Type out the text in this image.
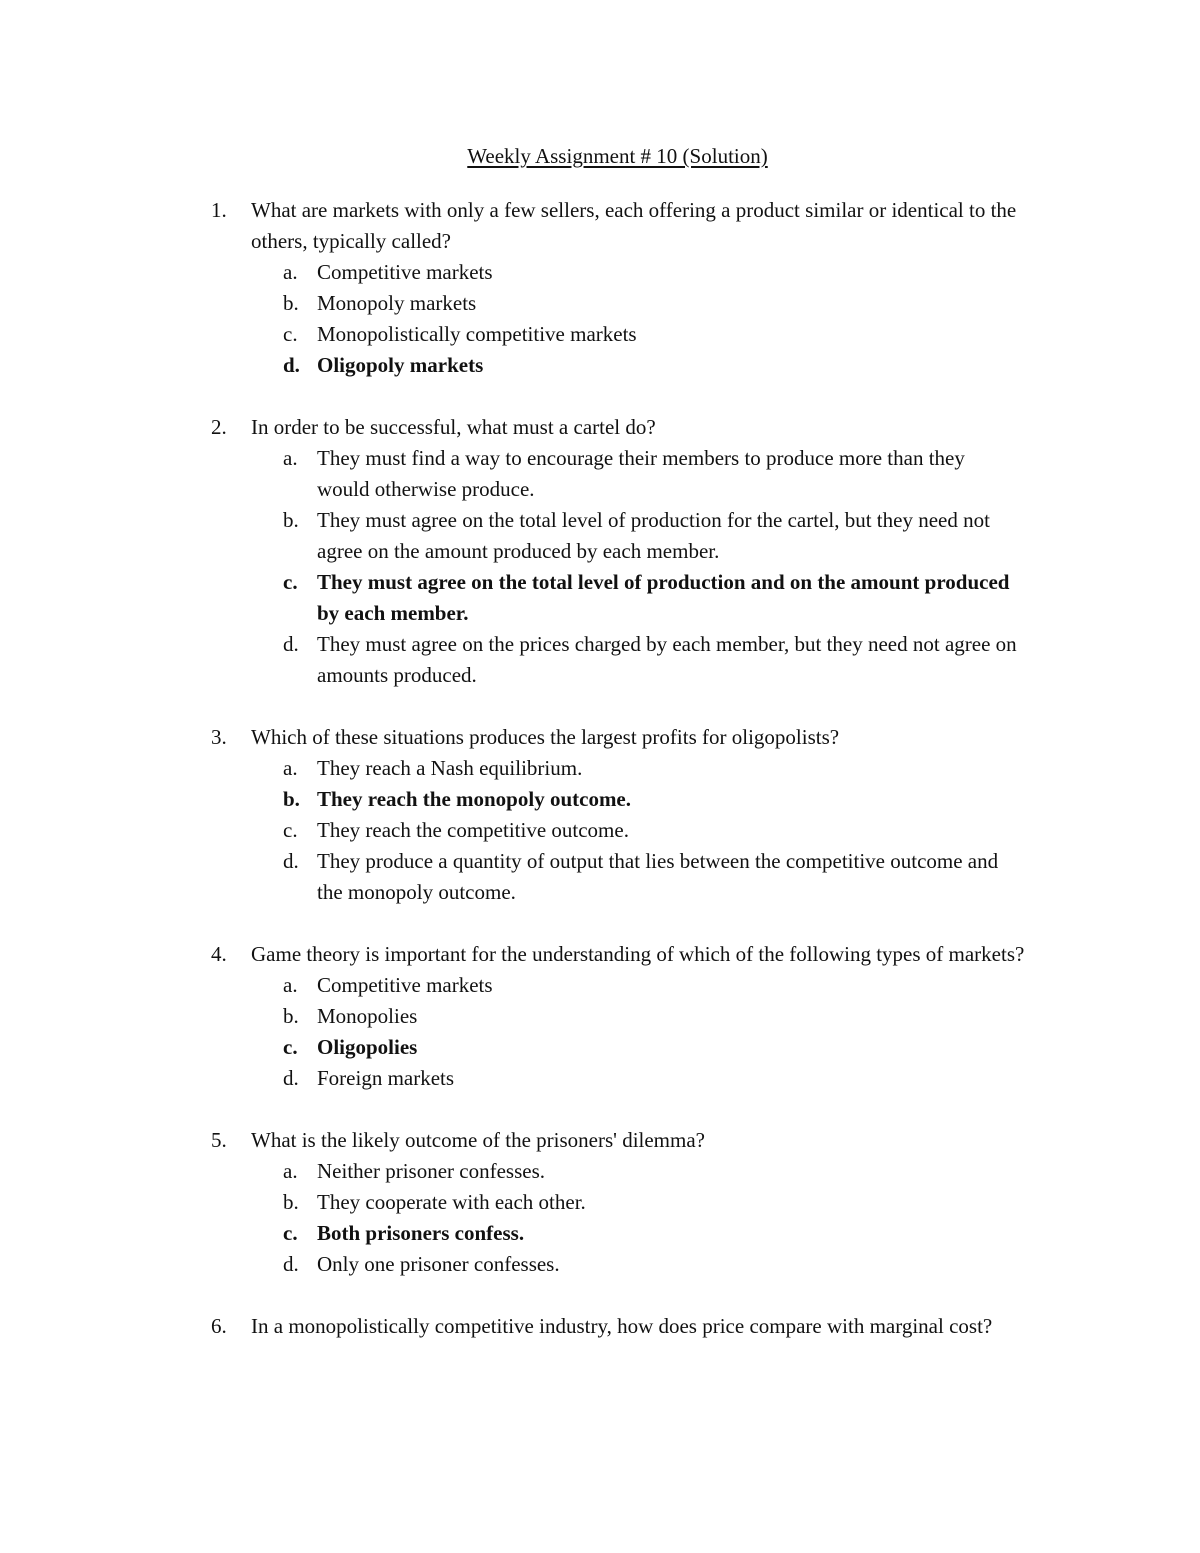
Weekly Assignment # 10 (Solution)
1.	What are markets with only a few sellers, each offering a product similar or identical to the others, typically called?
a. Competitive markets
b. Monopoly markets
c. Monopolistically competitive markets
d. Oligopoly markets
2.	In order to be successful, what must a cartel do?
a. They must find a way to encourage their members to produce more than they would otherwise produce.
b. They must agree on the total level of production for the cartel, but they need not agree on the amount produced by each member.
c. They must agree on the total level of production and on the amount produced by each member.
d. They must agree on the prices charged by each member, but they need not agree on amounts produced.
3.	Which of these situations produces the largest profits for oligopolists?
a. They reach a Nash equilibrium.
b. They reach the monopoly outcome.
c. They reach the competitive outcome.
d. They produce a quantity of output that lies between the competitive outcome and the monopoly outcome.
4.	Game theory is important for the understanding of which of the following types of markets?
a. Competitive markets
b. Monopolies
c. Oligopolies
d. Foreign markets
5.	What is the likely outcome of the prisoners' dilemma?
a. Neither prisoner confesses.
b. They cooperate with each other.
c. Both prisoners confess.
d. Only one prisoner confesses.
6.	In a monopolistically competitive industry, how does price compare with marginal cost?
